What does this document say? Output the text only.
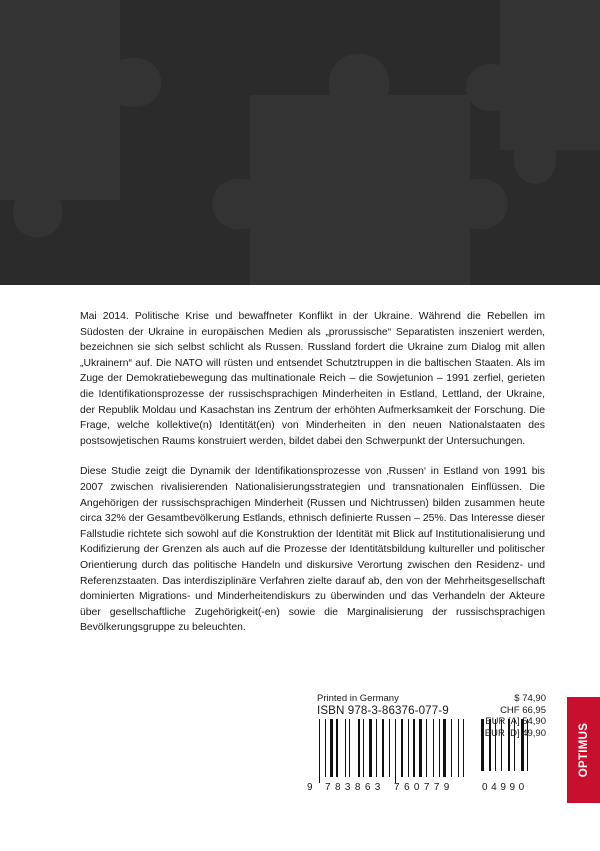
Mai 2014. Politische Krise und bewaffneter Konflikt in der Ukraine. Während die Rebellen im Südosten der Ukraine in europäischen Medien als „prorussische“ Separatisten inszeniert werden, bezeichnen sie sich selbst schlicht als Russen. Russland fordert die Ukraine zum Dialog mit allen „Ukrainern“ auf. Die NATO will rüsten und entsendet Schutztruppen in die baltischen Staaten. Als im Zuge der Demokratiebewegung das multinationale Reich – die Sowjetunion – 1991 zerfiel, gerieten die Identifikationsprozesse der russischsprachigen Minderheiten in Estland, Lettland, der Ukraine, der Republik Moldau und Kasachstan ins Zentrum der erhöhten Aufmerksamkeit der Forschung. Die Frage, welche kollektive(n) Identität(en) von Minderheiten in den neuen Nationalstaaten des postsowjetischen Raums konstruiert werden, bildet dabei den Schwerpunkt der Untersuchungen.

Diese Studie zeigt die Dynamik der Identifikationsprozesse von ‚Russen‘ in Estland von 1991 bis 2007 zwischen rivalisierenden Nationalisierungsstrategien und transnationalen Einflüssen. Die Angehörigen der russischsprachigen Minderheit (Russen und Nichtrussen) bilden zusammen heute circa 32% der Gesamtbevölkerung Estlands, ethnisch definierte Russen – 25%. Das Interesse dieser Fallstudie richtete sich sowohl auf die Konstruktion der Identität mit Blick auf Institutionalisierung und Kodifizierung der Grenzen als auch auf die Prozesse der Identitätsbildung kultureller und politischer Orientierung durch das politische Handeln und diskursive Verortung zwischen den Residenz- und Referenzstaaten. Das interdisziplinäre Verfahren zielte darauf ab, den von der Mehrheitsgesellschaft dominierten Migrations- und Minderheitendiskurs zu überwinden und das Verhandeln der Akteure über gesellschaftliche Zugehörigkeit(-en) sowie die Marginalisierung der russischsprachigen Bevölkerungsgruppe zu beleuchten.

Printed in Germany
ISBN 978-3-86376-077-9
9 783863 760779	04990
$ 74,90
CHF 66,95
EUR [A] 54,90
EUR [D] 49,90	OPTIMUS
